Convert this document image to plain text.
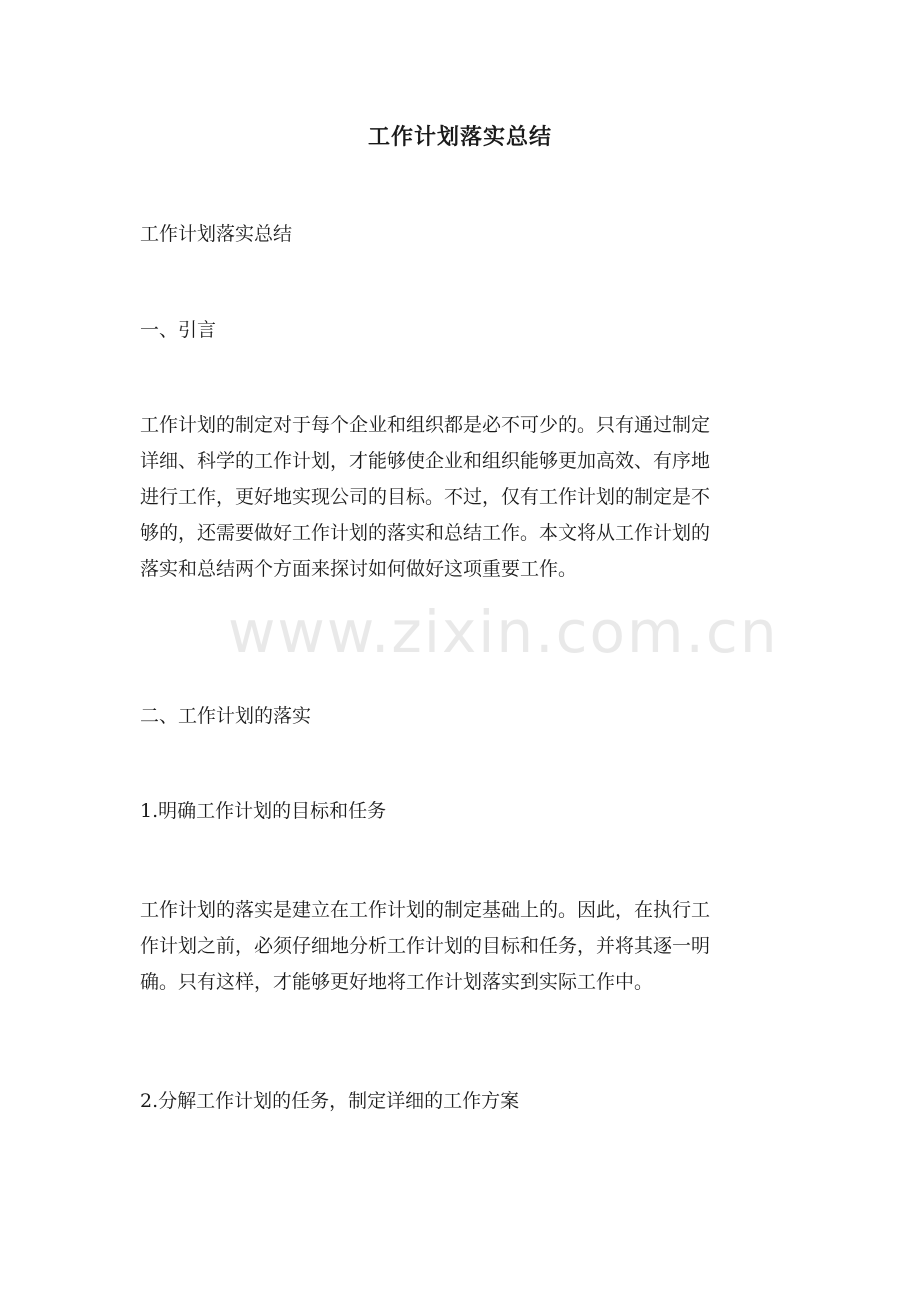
工作计划落实总结
工作计划落实总结
一、引言
工作计划的制定对于每个企业和组织都是必不可少的。只有通过制定
详细、科学的工作计划，才能够使企业和组织能够更加高效、有序地
进行工作，更好地实现公司的目标。不过，仅有工作计划的制定是不
够的，还需要做好工作计划的落实和总结工作。本文将从工作计划的
落实和总结两个方面来探讨如何做好这项重要工作。
二、工作计划的落实
1.明确工作计划的目标和任务
工作计划的落实是建立在工作计划的制定基础上的。因此，在执行工
作计划之前，必须仔细地分析工作计划的目标和任务，并将其逐一明
确。只有这样，才能够更好地将工作计划落实到实际工作中。
2.分解工作计划的任务，制定详细的工作方案
www.zixin.com.cn
